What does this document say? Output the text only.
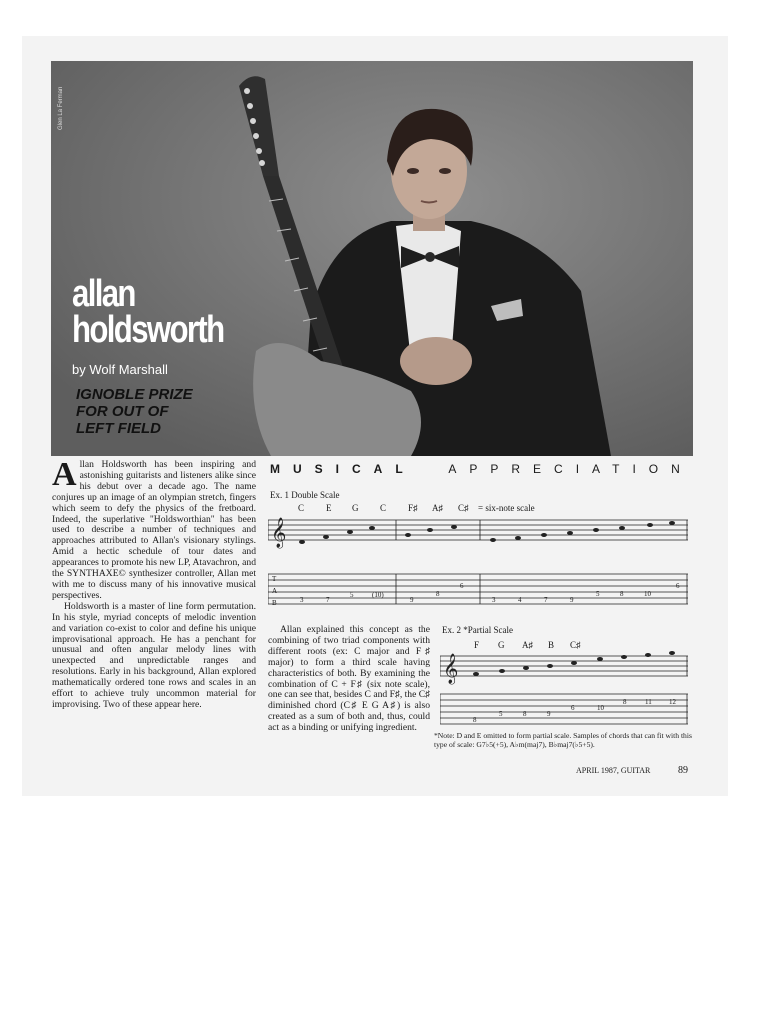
Glen La Ferman
allan
holdsworth
by Wolf Marshall
IGNOBLE PRIZE
FOR OUT OF
LEFT FIELD

Allan Holdsworth has been inspiring and astonishing guitarists and listeners alike since his debut over a decade ago. The name conjures up an image of an olympian stretch, fingers which seem to defy the physics of the fretboard. Indeed, the superlative "Holdsworthian" has been used to describe a number of techniques and approaches attributed to Allan's visionary stylings. Amid a hectic schedule of tour dates and appearances to promote his new LP, Atavachron, and the SYNTHAXE© synthesizer controller, Allan met with me to discuss many of his innovative musical perspectives.

Holdsworth is a master of line form permutation. In his style, myriad concepts of melodic invention and variation co-exist to color and define his unique improvisational approach. He has a penchant for unusual and often angular melody lines with unexpected and unpredictable ranges and resolutions. Early in his background, Allan explored mathematically ordered tone rows and scales in an effort to achieve truly uncommon material for improvising. Two of these appear here.

MUSICAL	APPRECIATION
Ex. 1 Double Scale
C E G C F♯ A♯ C♯ = six-note scale
𝄞
T
A
B	3	7
5	(10)
9
8
6
3	4	7	9
5	8	10
6

Allan explained this concept as the combining of two triad components with different roots (ex: C major and F♯ major) to form a third scale having characteristics of both. By examining the combination of C + F♯ (six note scale), one can see that, besides C and F♯, the C♯ diminished chord (C♯ E G A♯) is also created as a sum of both and, thus, could act as a binding or unifying ingredient.

Ex. 2 *Partial Scale
F G A♯ B C♯
𝄞
8
5	8	9
6	10
8	11 12
*Note: D and E omitted to form partial scale. Samples of chords that can fit with this type of scale: G7♭5(+5), A♭m(maj7), B♭maj7(♭5+5).
APRIL 1987, GUITAR	89
